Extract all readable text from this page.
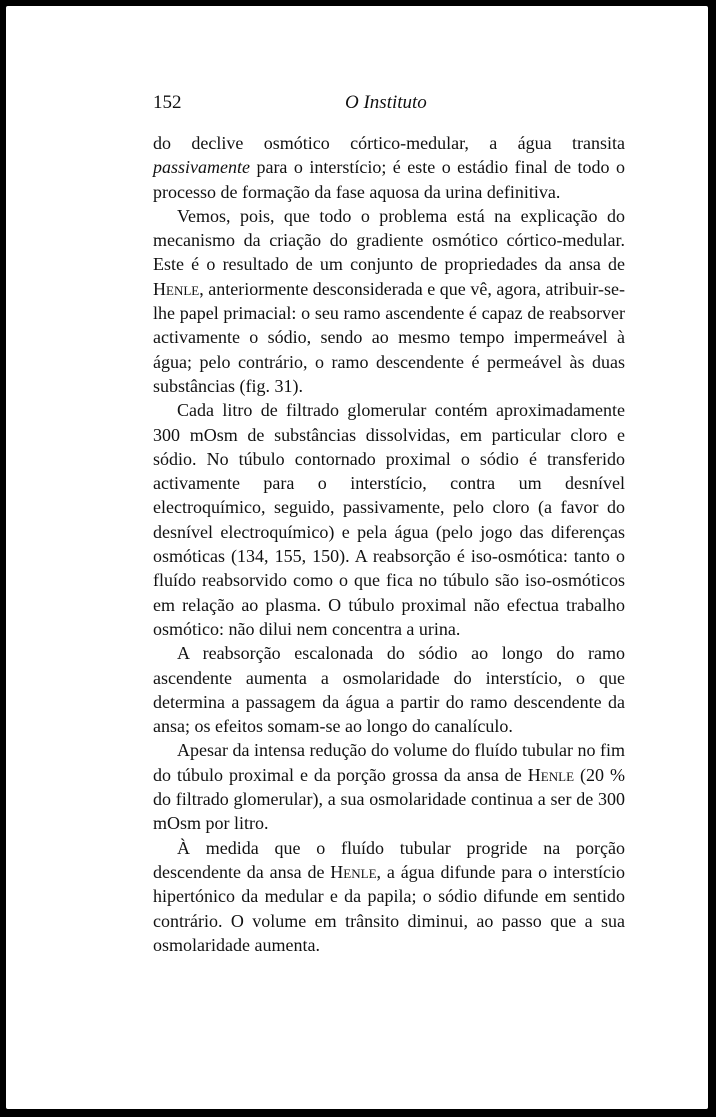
152	O Instituto

do declive osmótico córtico-medular, a água transita passivamente para o interstício; é este o estádio final de todo o processo de formação da fase aquosa da urina definitiva.

Vemos, pois, que todo o problema está na explicação do mecanismo da criação do gradiente osmótico córtico-medular. Este é o resultado de um conjunto de propriedades da ansa de Henle, anteriormente desconsiderada e que vê, agora, atribuir-se-lhe papel primacial: o seu ramo ascendente é capaz de reabsorver activamente o sódio, sendo ao mesmo tempo impermeável à água; pelo contrário, o ramo descendente é permeável às duas substâncias (fig. 31).

Cada litro de filtrado glomerular contém aproximadamente 300 mOsm de substâncias dissolvidas, em particular cloro e sódio. No túbulo contornado proximal o sódio é transferido activamente para o interstício, contra um desnível electroquímico, seguido, passivamente, pelo cloro (a favor do desnível electroquímico) e pela água (pelo jogo das diferenças osmóticas (134, 155, 150). A reabsorção é iso-osmótica: tanto o fluído reabsorvido como o que fica no túbulo são iso-osmóticos em relação ao plasma. O túbulo proximal não efectua trabalho osmótico: não dilui nem concentra a urina.

A reabsorção escalonada do sódio ao longo do ramo ascendente aumenta a osmolaridade do interstício, o que determina a passagem da água a partir do ramo descendente da ansa; os efeitos somam-se ao longo do canalículo.

Apesar da intensa redução do volume do fluído tubular no fim do túbulo proximal e da porção grossa da ansa de Henle (20 % do filtrado glomerular), a sua osmolaridade continua a ser de 300 mOsm por litro.

À medida que o fluído tubular progride na porção descendente da ansa de Henle, a água difunde para o interstício hipertónico da medular e da papila; o sódio difunde em sentido contrário. O volume em trânsito diminui, ao passo que a sua osmolaridade aumenta.
